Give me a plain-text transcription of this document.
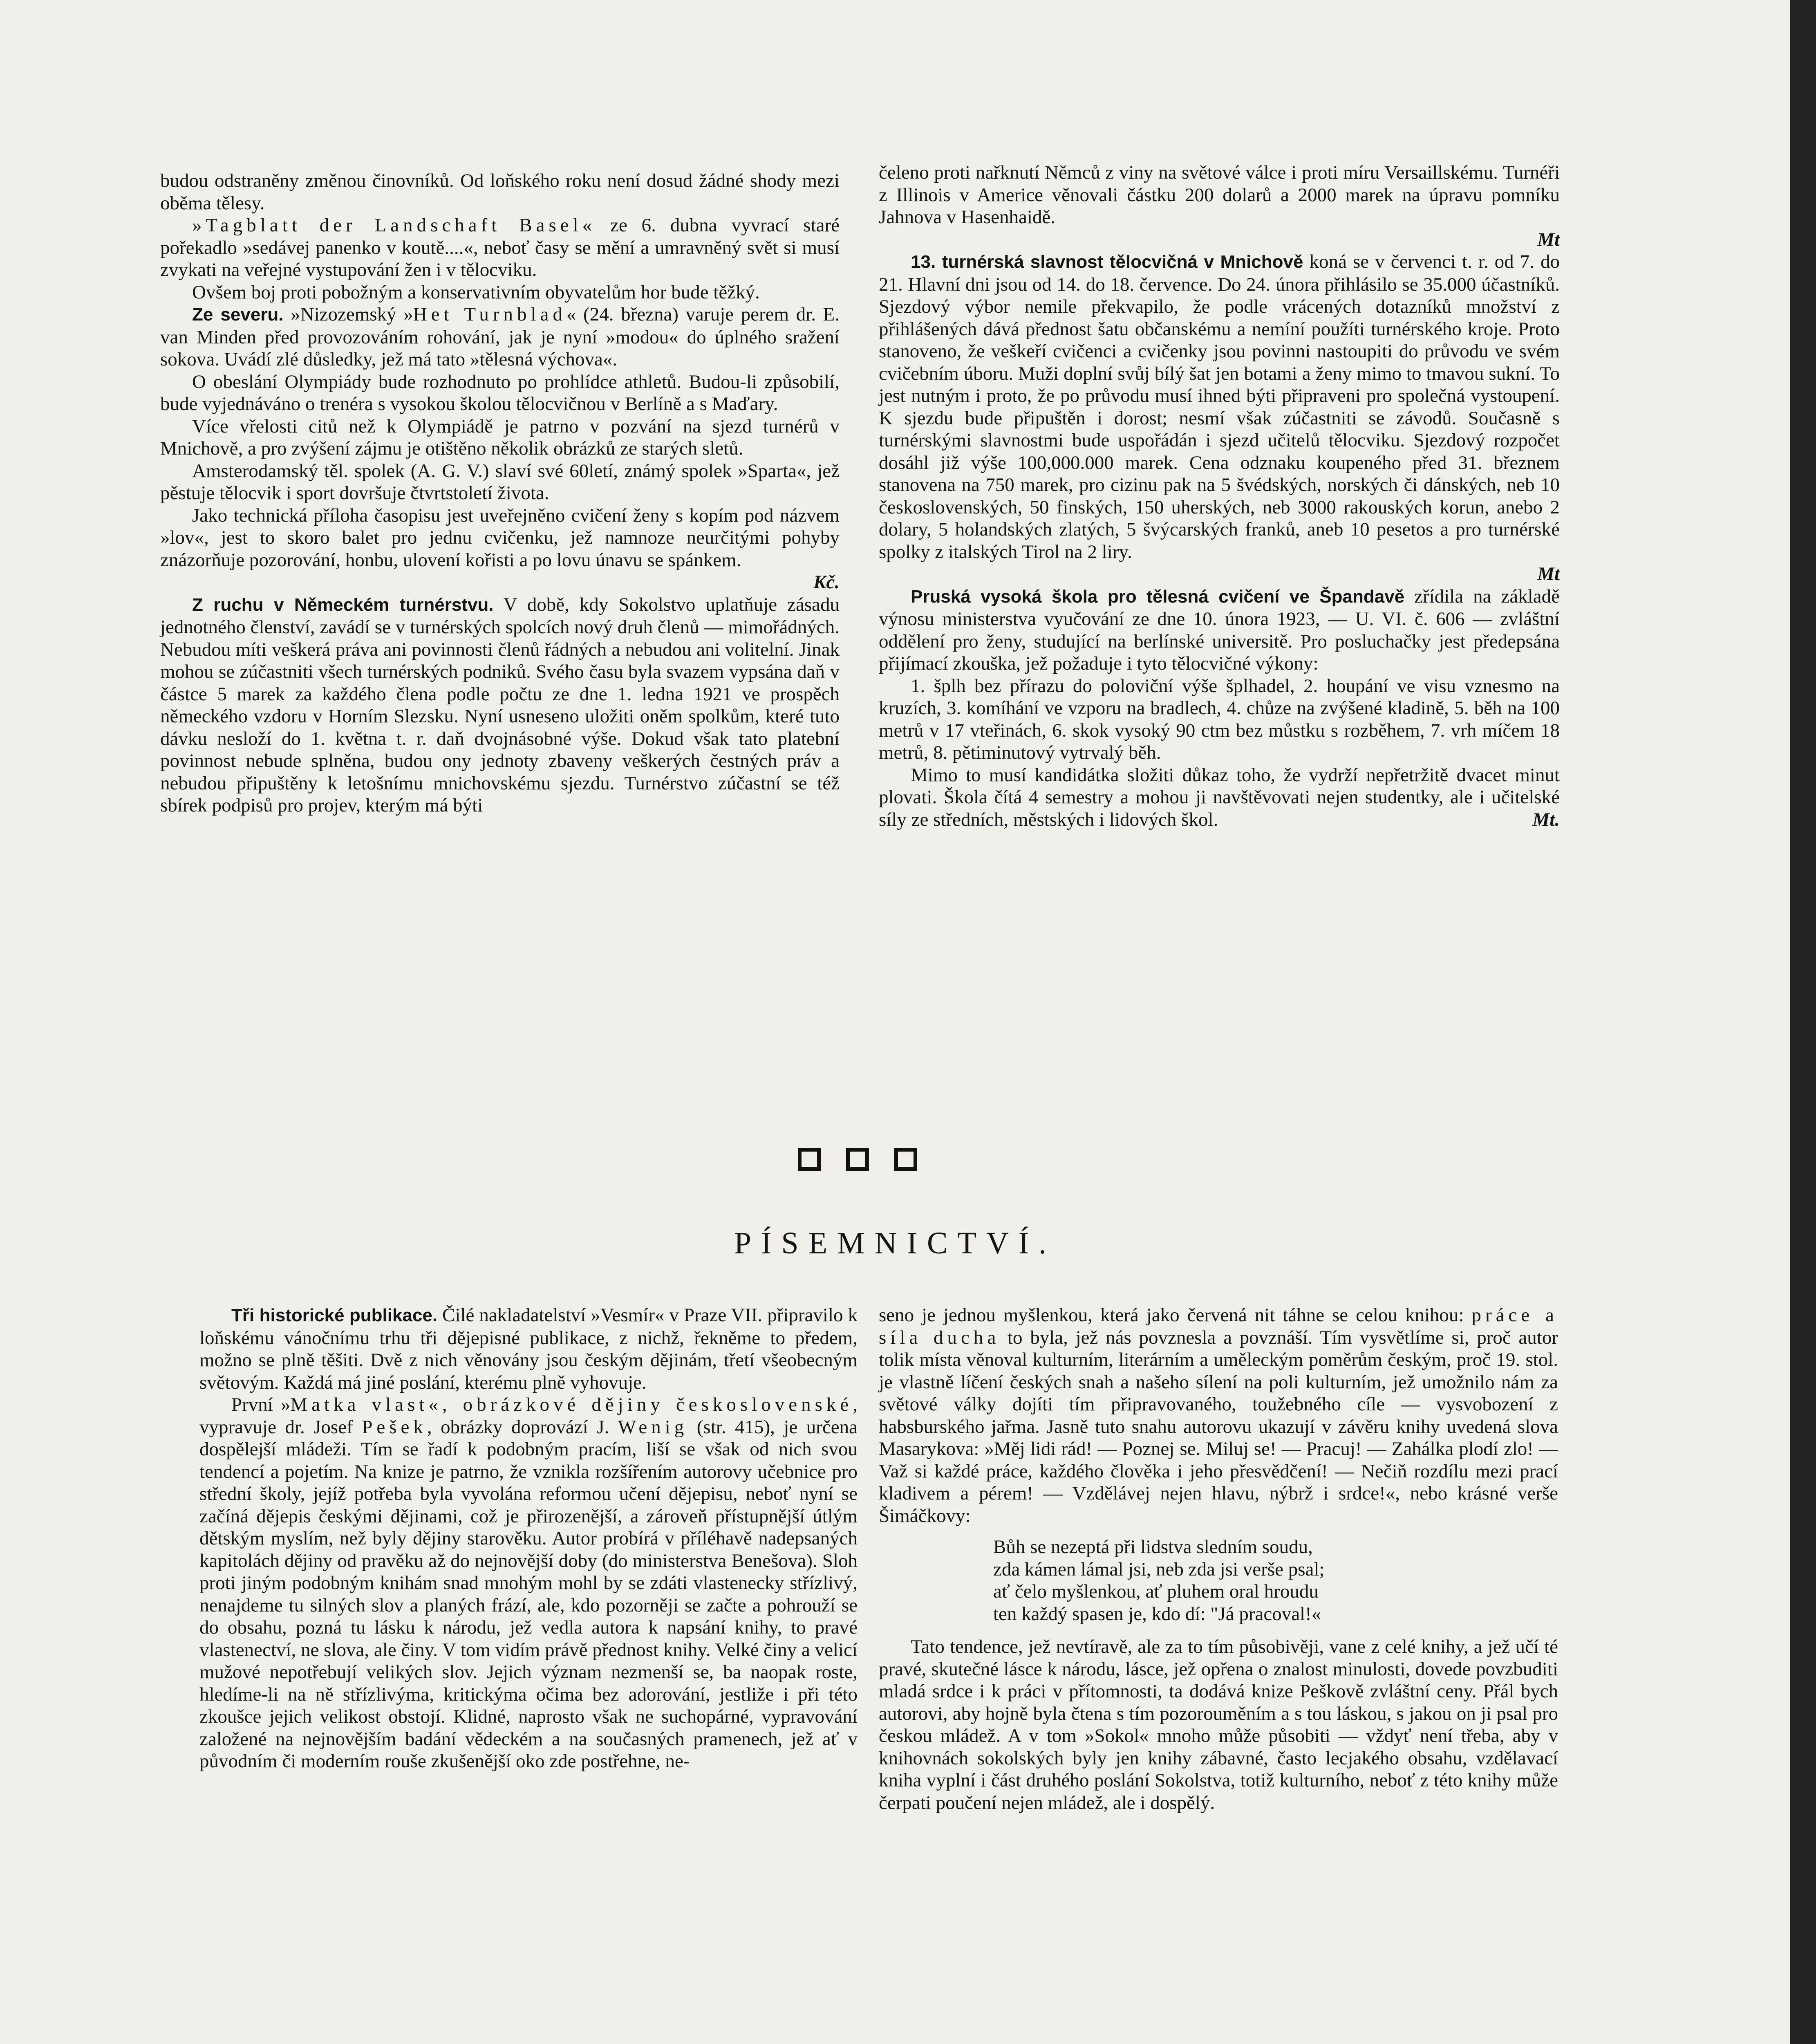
budou odstraněny změnou činovníků. Od loňského roku není dosud žádné shody mezi oběma tělesy.

»Tagblatt der Landschaft Basel« ze 6. dubna vyvrací staré pořekadlo »sedávej panenko v koutě....«, neboť časy se mění a umravněný svět si musí zvykati na veřejné vystupování žen i v tělocviku.

Ovšem boj proti pobožným a konservativním obyvatelům hor bude těžký.

Ze severu. »Nizozemský »Het Turnblad« (24. března) varuje perem dr. E. van Minden před provozováním rohování, jak je nyní »modou« do úplného sražení sokova. Uvádí zlé důsledky, jež má tato »tělesná výchova«.

O obeslání Olympiády bude rozhodnuto po prohlídce athletů. Budou-li způsobilí, bude vyjednáváno o trenéra s vysokou školou tělocvičnou v Berlíně a s Maďary.

Více vřelosti citů než k Olympiádě je patrno v pozvání na sjezd turnérů v Mnichově, a pro zvýšení zájmu je otištěno několik obrázků ze starých sletů.

Amsterodamský těl. spolek (A. G. V.) slaví své 60letí, známý spolek »Sparta«, jež pěstuje tělocvik i sport dovršuje čtvrtstoletí života.

Jako technická příloha časopisu jest uveřejněno cvičení ženy s kopím pod názvem »lov«, jest to skoro balet pro jednu cvičenku, jež namnoze neurčitými pohyby znázorňuje pozorování, honbu, ulovení kořisti a po lovu únavu se spánkem.

Kč.

Z ruchu v Německém turnérstvu. V době, kdy Sokolstvo uplatňuje zásadu jednotného členství, zavádí se v turnérských spolcích nový druh členů — mimořádných. Nebudou míti veškerá práva ani povinnosti členů řádných a nebudou ani volitelní. Jinak mohou se zúčastniti všech turnérských podniků. Svého času byla svazem vypsána daň v částce 5 marek za každého člena podle počtu ze dne 1. ledna 1921 ve prospěch německého vzdoru v Horním Slezsku. Nyní usneseno uložiti oněm spolkům, které tuto dávku nesloží do 1. května t. r. daň dvojnásobné výše. Dokud však tato platební povinnost nebude splněna, budou ony jednoty zbaveny veškerých čestných práv a nebudou připuštěny k letošnímu mnichovskému sjezdu. Turnérstvo zúčastní se též sbírek podpisů pro projev, kterým má býti

čeleno proti nařknutí Němců z viny na světové válce i proti míru Versaillskému. Turnéři z Illinois v Americe věnovali částku 200 dolarů a 2000 marek na úpravu pomníku Jahnova v Hasenhaidě.

Mt

13. turnérská slavnost tělocvičná v Mnichově koná se v červenci t. r. od 7. do 21. Hlavní dni jsou od 14. do 18. července. Do 24. února přihlásilo se 35.000 účastníků. Sjezdový výbor nemile překvapilo, že podle vrácených dotazníků množství z přihlášených dává přednost šatu občanskému a nemíní použíti turnérského kroje. Proto stanoveno, že veškeří cvičenci a cvičenky jsou povinni nastoupiti do průvodu ve svém cvičebním úboru. Muži doplní svůj bílý šat jen botami a ženy mimo to tmavou sukní. To jest nutným i proto, že po průvodu musí ihned býti připraveni pro společná vystoupení. K sjezdu bude připuštěn i dorost; nesmí však zúčastniti se závodů. Současně s turnérskými slavnostmi bude uspořádán i sjezd učitelů tělocviku. Sjezdový rozpočet dosáhl již výše 100,000.000 marek. Cena odznaku koupeného před 31. březnem stanovena na 750 marek, pro cizinu pak na 5 švédských, norských či dánských, neb 10 československých, 50 finských, 150 uherských, neb 3000 rakouských korun, anebo 2 dolary, 5 holandských zlatých, 5 švýcarských franků, aneb 10 pesetos a pro turnérské spolky z italských Tirol na 2 liry.

Mt

Pruská vysoká škola pro tělesná cvičení ve Špandavě zřídila na základě výnosu ministerstva vyučování ze dne 10. února 1923, — U. VI. č. 606 — zvláštní oddělení pro ženy, studující na berlínské universitě. Pro posluchačky jest předepsána přijímací zkouška, jež požaduje i tyto tělocvičné výkony:

1. šplh bez přírazu do poloviční výše šplhadel, 2. houpání ve visu vznesmo na kruzích, 3. komíhání ve vzporu na bradlech, 4. chůze na zvýšené kladině, 5. běh na 100 metrů v 17 vteřinách, 6. skok vysoký 90 ctm bez můstku s rozběhem, 7. vrh míčem 18 metrů, 8. pětiminutový vytrvalý běh.

Mimo to musí kandidátka složiti důkaz toho, že vydrží nepřetržitě dvacet minut plovati. Škola čítá 4 semestry a mohou ji navštěvovati nejen studentky, ale i učitelské síly ze středních, městských i lidových škol.	Mt.

PÍSEMNICTVÍ.

Tři historické publikace. Čilé nakladatelství »Vesmír« v Praze VII. připravilo k loňskému vánočnímu trhu tři dějepisné publikace, z nichž, řekněme to předem, možno se plně těšiti. Dvě z nich věnovány jsou českým dějinám, třetí všeobecným světovým. Každá má jiné poslání, kterému plně vyhovuje.

První »Matka vlast«, obrázkové dějiny československé, vypravuje dr. Josef Pešek, obrázky doprovází J. Wenig (str. 415), je určena dospělejší mládeži. Tím se řadí k podobným pracím, liší se však od nich svou tendencí a pojetím. Na knize je patrno, že vznikla rozšířením autorovy učebnice pro střední školy, jejíž potřeba byla vyvolána reformou učení dějepisu, neboť nyní se začíná dějepis českými dějinami, což je přirozenější, a zároveň přístupnější útlým dětským myslím, než byly dějiny starověku. Autor probírá v příléhavě nadepsaných kapitolách dějiny od pravěku až do nejnovější doby (do ministerstva Benešova). Sloh proti jiným podobným knihám snad mnohým mohl by se zdáti vlastenecky střízlivý, nenajdeme tu silných slov a planých frází, ale, kdo pozorněji se začte a pohrouží se do obsahu, pozná tu lásku k národu, jež vedla autora k napsání knihy, to pravé vlastenectví, ne slova, ale činy. V tom vidím právě přednost knihy. Velké činy a velicí mužové nepotřebují velikých slov. Jejich význam nezmenší se, ba naopak roste, hledíme-li na ně střízlivýma, kritickýma očima bez adorování, jestliže i při této zkoušce jejich velikost obstojí. Klidné, naprosto však ne suchopárné, vypravování založené na nejnovějším badání vědeckém a na současných pramenech, jež ať v původním či moderním rouše zkušenější oko zde postřehne, ne-

seno je jednou myšlenkou, která jako červená nit táhne se celou knihou: práce a síla ducha to byla, jež nás povznesla a povznáší. Tím vysvětlíme si, proč autor tolik místa věnoval kulturním, literárním a uměleckým poměrům českým, proč 19. stol. je vlastně líčení českých snah a našeho sílení na poli kulturním, jež umožnilo nám za světové války dojíti tím připravovaného, toužebného cíle — vysvobození z habsburského jařma. Jasně tuto snahu autorovu ukazují v závěru knihy uvedená slova Masarykova: »Měj lidi rád! — Poznej se. Miluj se! — Pracuj! — Zahálka plodí zlo! — Važ si každé práce, každého člověka i jeho přesvědčení! — Nečiň rozdílu mezi prací kladivem a pérem! — Vzdělávej nejen hlavu, nýbrž i srdce!«, nebo krásné verše Šimáčkovy:

Bůh se nezeptá při lidstva sledním soudu,
zda kámen lámal jsi, neb zda jsi verše psal;
ať čelo myšlenkou, ať pluhem oral hroudu
ten každý spasen je, kdo dí: "Já pracoval!«

Tato tendence, jež nevtíravě, ale za to tím působivěji, vane z celé knihy, a jež učí té pravé, skutečné lásce k národu, lásce, jež opřena o znalost minulosti, dovede povzbuditi mladá srdce i k práci v přítomnosti, ta dodává knize Peškově zvláštní ceny. Přál bych autorovi, aby hojně byla čtena s tím pozorouměním a s tou láskou, s jakou on ji psal pro českou mládež. A v tom »Sokol« mnoho může působiti — vždyť není třeba, aby v knihovnách sokolských byly jen knihy zábavné, často lecjakého obsahu, vzdělavací kniha vyplní i část druhého poslání Sokolstva, totiž kulturního, neboť z této knihy může čerpati poučení nejen mládež, ale i dospělý.
